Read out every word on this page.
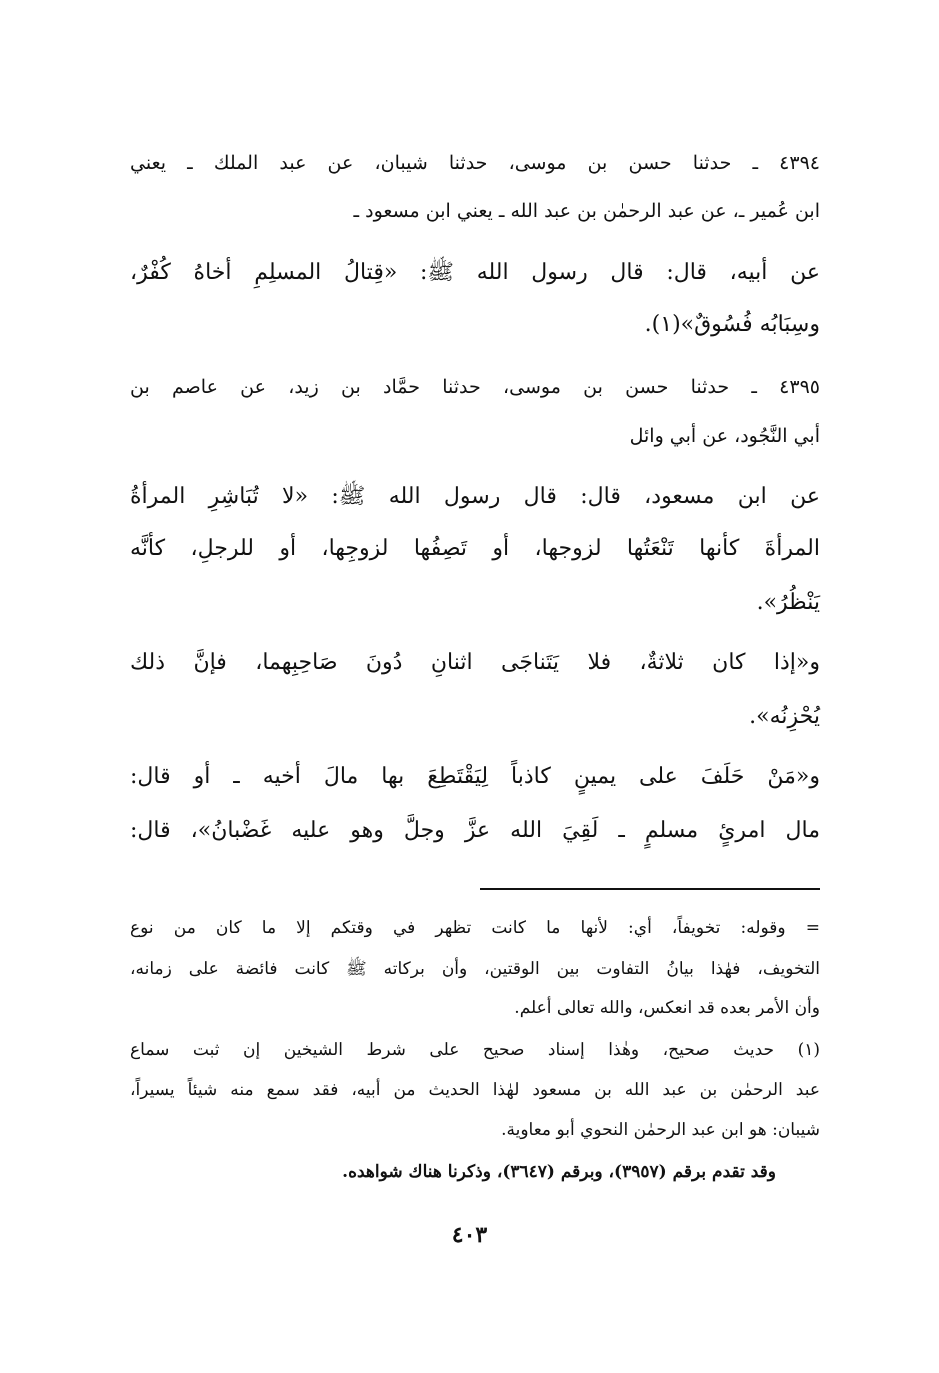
٤٣٩٤ ـ حدثنا حسن بن موسى، حدثنا شيبان، عن عبد الملك ـ يعني
ابن عُمير ـ، عن عبد الرحمٰن بن عبد الله ـ يعني ابن مسعود ـ
عن أبيه، قال: قال رسول الله ﷺ: «قِتالُ المسلِمِ أخاهُ كُفْرٌ،
وسِبَابُه فُسُوقٌ»(١).
٤٣٩٥ ـ حدثنا حسن بن موسى، حدثنا حمَّاد بن زيد، عن عاصم بن
أبي النَّجُود، عن أبي وائل
عن ابن مسعود، قال: قال رسول الله ﷺ: «لا تُبَاشِرِ المرأةُ
المرأةَ كأنها تَنْعَتُها لزوجها، أو تَصِفُها لزوجِها، أو للرجلِ، كأنَّه
يَنْظُرُ».
و«إذا كان ثلاثةٌ، فلا يَتَناجَى اثنانِ دُونَ صَاحِبِهما، فإنَّ ذلك
يُحْزِنُه».
و«مَنْ حَلَفَ على يمينٍ كاذباً لِيَقْتَطِعَ بها مالَ أخيه ـ أو قال:
مال امرئٍ مسلمٍ ـ لَقِيَ الله عزَّ وجلَّ وهو عليه غَضْبانُ»، قال:
= وقوله: تخويفاً، أي: لأنها ما كانت تظهر في وقتكم إلا ما كان من نوع
التخويف، فهٰذا بيانُ التفاوت بين الوقتين، وأن بركاته ﷺ كانت فائضة على زمانه،
وأن الأمر بعده قد انعكس، والله تعالى أعلم.
(١) حديث صحيح، وهٰذا إسناد صحيح على شرط الشيخين إن ثبت سماع
عبد الرحمٰن بن عبد الله بن مسعود لهٰذا الحديث من أبيه، فقد سمع منه شيئاً يسيراً،
شيبان: هو ابن عبد الرحمٰن النحوي أبو معاوية.
وقد تقدم برقم (٣٩٥٧)، وبرقم (٣٦٤٧)، وذكرنا هناك شواهده.
٤٠٣
